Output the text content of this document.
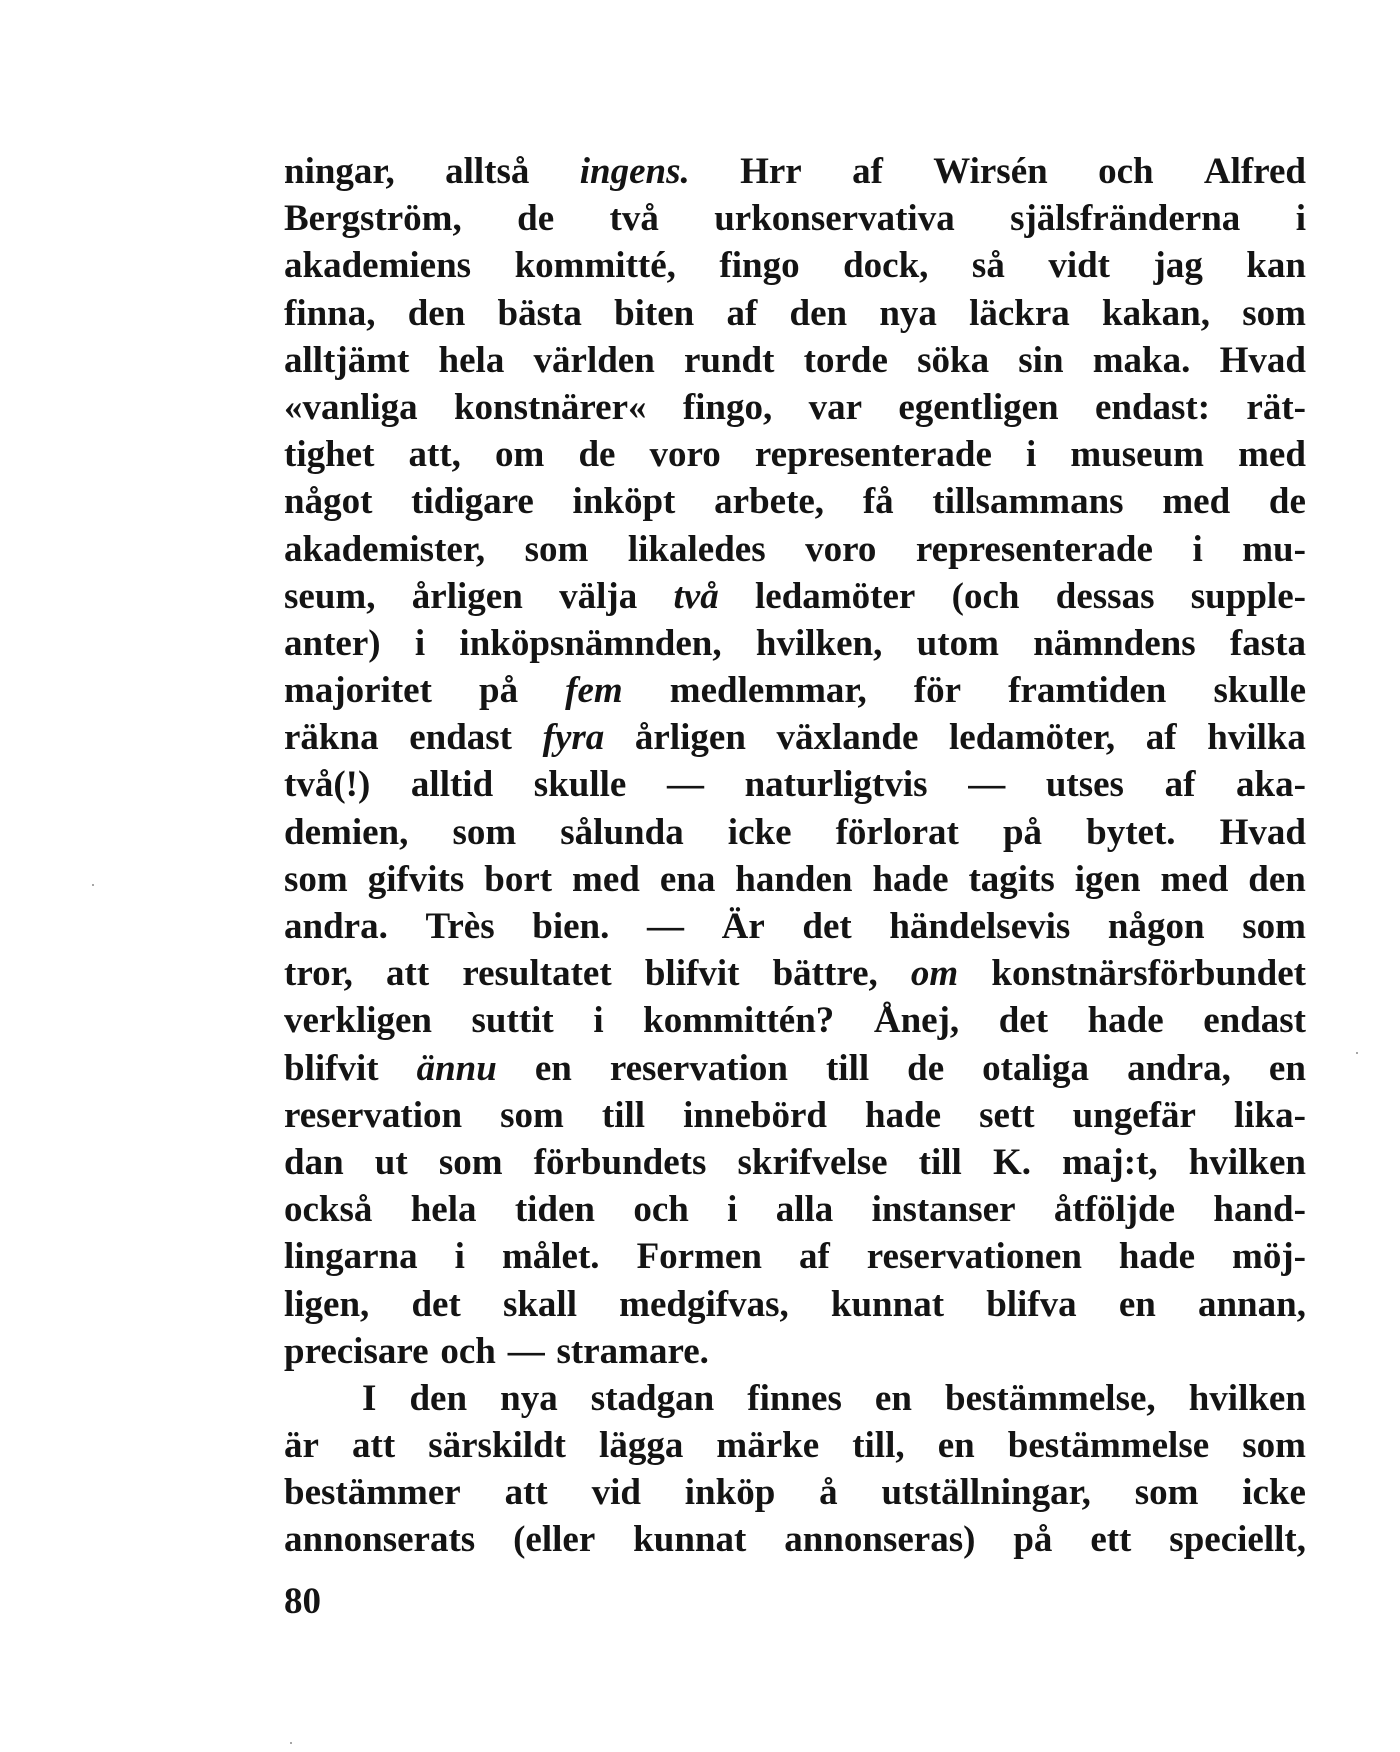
ningar, alltså ingens. Hrr af Wirsén och Alfred
Bergström, de två urkonservativa själsfränderna i
akademiens kommitté, fingo dock, så vidt jag kan
finna, den bästa biten af den nya läckra kakan, som
alltjämt hela världen rundt torde söka sin maka. Hvad
«vanliga konstnärer« fingo, var egentligen endast: rät-
tighet att, om de voro representerade i museum med
något tidigare inköpt arbete, få tillsammans med de
akademister, som likaledes voro representerade i mu-
seum, årligen välja två ledamöter (och dessas supple-
anter) i inköpsnämnden, hvilken, utom nämndens fasta
majoritet på fem medlemmar, för framtiden skulle
räkna endast fyra årligen växlande ledamöter, af hvilka
två(!) alltid skulle — naturligtvis — utses af aka-
demien, som sålunda icke förlorat på bytet. Hvad
som gifvits bort med ena handen hade tagits igen med den
andra. Très bien. — Är det händelsevis någon som
tror, att resultatet blifvit bättre, om konstnärsförbundet
verkligen suttit i kommittén? Ånej, det hade endast
blifvit ännu en reservation till de otaliga andra, en
reservation som till innebörd hade sett ungefär lika-
dan ut som förbundets skrifvelse till K. maj:t, hvilken
också hela tiden och i alla instanser åtföljde hand-
lingarna i målet. Formen af reservationen hade möj-
ligen, det skall medgifvas, kunnat blifva en annan,
precisare och — stramare.
I den nya stadgan finnes en bestämmelse, hvilken
är att särskildt lägga märke till, en bestämmelse som
bestämmer att vid inköp å utställningar, som icke
annonserats (eller kunnat annonseras) på ett speciellt,
80
